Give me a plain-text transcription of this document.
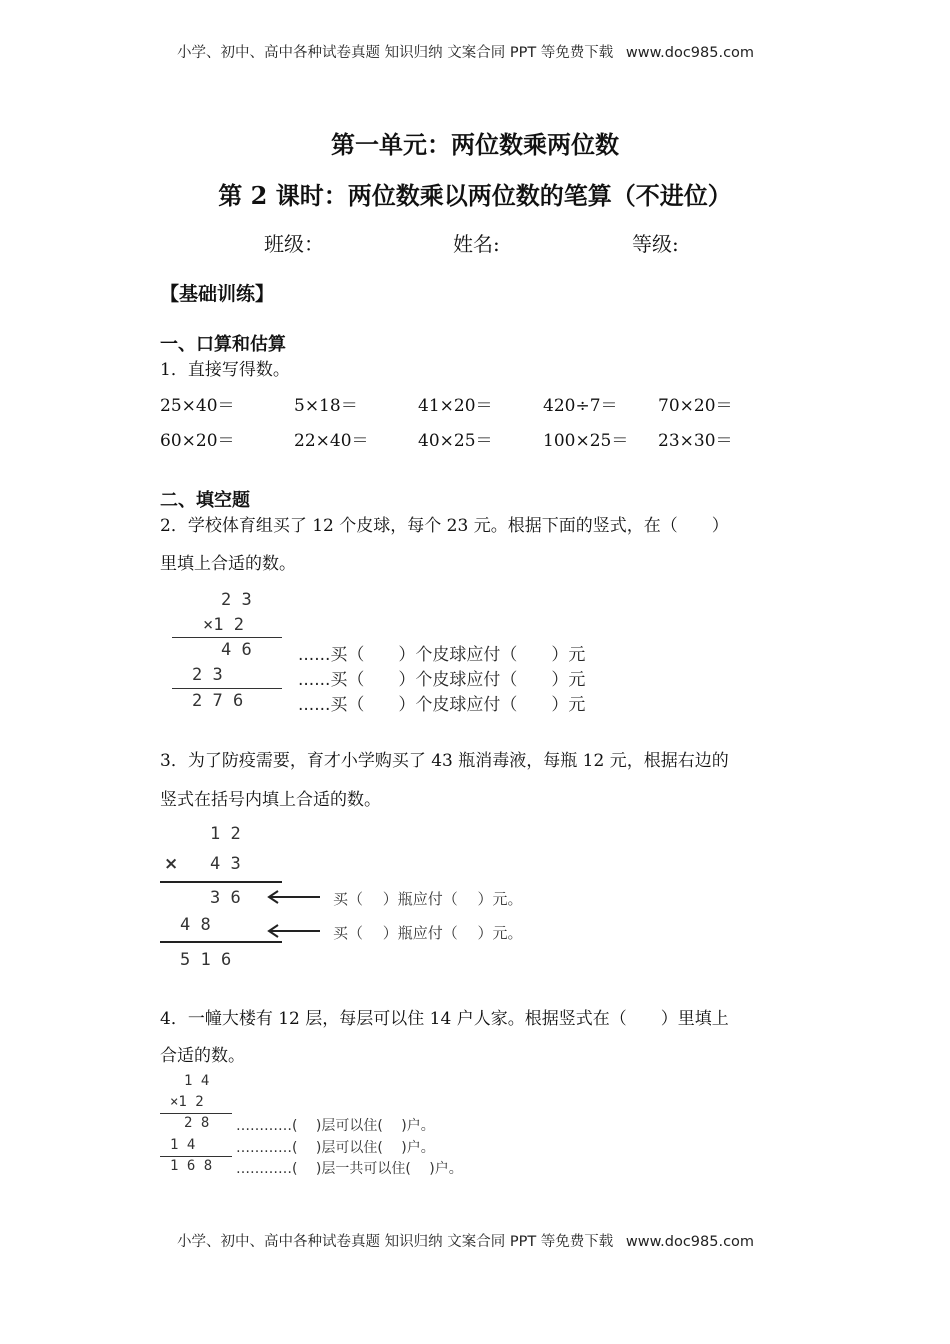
小学、初中、高中各种试卷真题 知识归纳 文案合同 PPT 等免费下载 www.doc985.com
第一单元：两位数乘两位数
第 2 课时：两位数乘以两位数的笔算（不进位）
班级：	姓名:	等级:
【基础训练】
一、口算和估算
1．直接写得数。
25×40＝	5×18＝	41×20＝	420÷7＝ 70×20＝
60×20＝	22×40＝	40×25＝	100×25＝ 23×30＝
二、填空题
2．学校体育组买了 12 个皮球，每个 23 元。根据下面的竖式，在（　　）
里填上合适的数。
2 3
×1 2
4 6
2 3
2 7 6
......买（　　）个皮球应付（　　）元
......买（　　）个皮球应付（　　）元
......买（　　）个皮球应付（　　）元
3．为了防疫需要，育才小学购买了 43 瓶消毒液，每瓶 12 元，根据右边的
竖式在括号内填上合适的数。
1 2
× 4 3
3 6
4 8
5 1 6
买（　 ）瓶应付（　 ）元。
买（　 ）瓶应付（　 ）元。
4．一幢大楼有 12 层，每层可以住 14 户人家。根据竖式在（　　）里填上
合适的数。
1 4
×1 2
2 8
1 4
1 6 8
…………(　 )层可以住(　 )户。
…………(　 )层可以住(　 )户。
…………(　 )层一共可以住(　 )户。
小学、初中、高中各种试卷真题 知识归纳 文案合同 PPT 等免费下载 www.doc985.com
